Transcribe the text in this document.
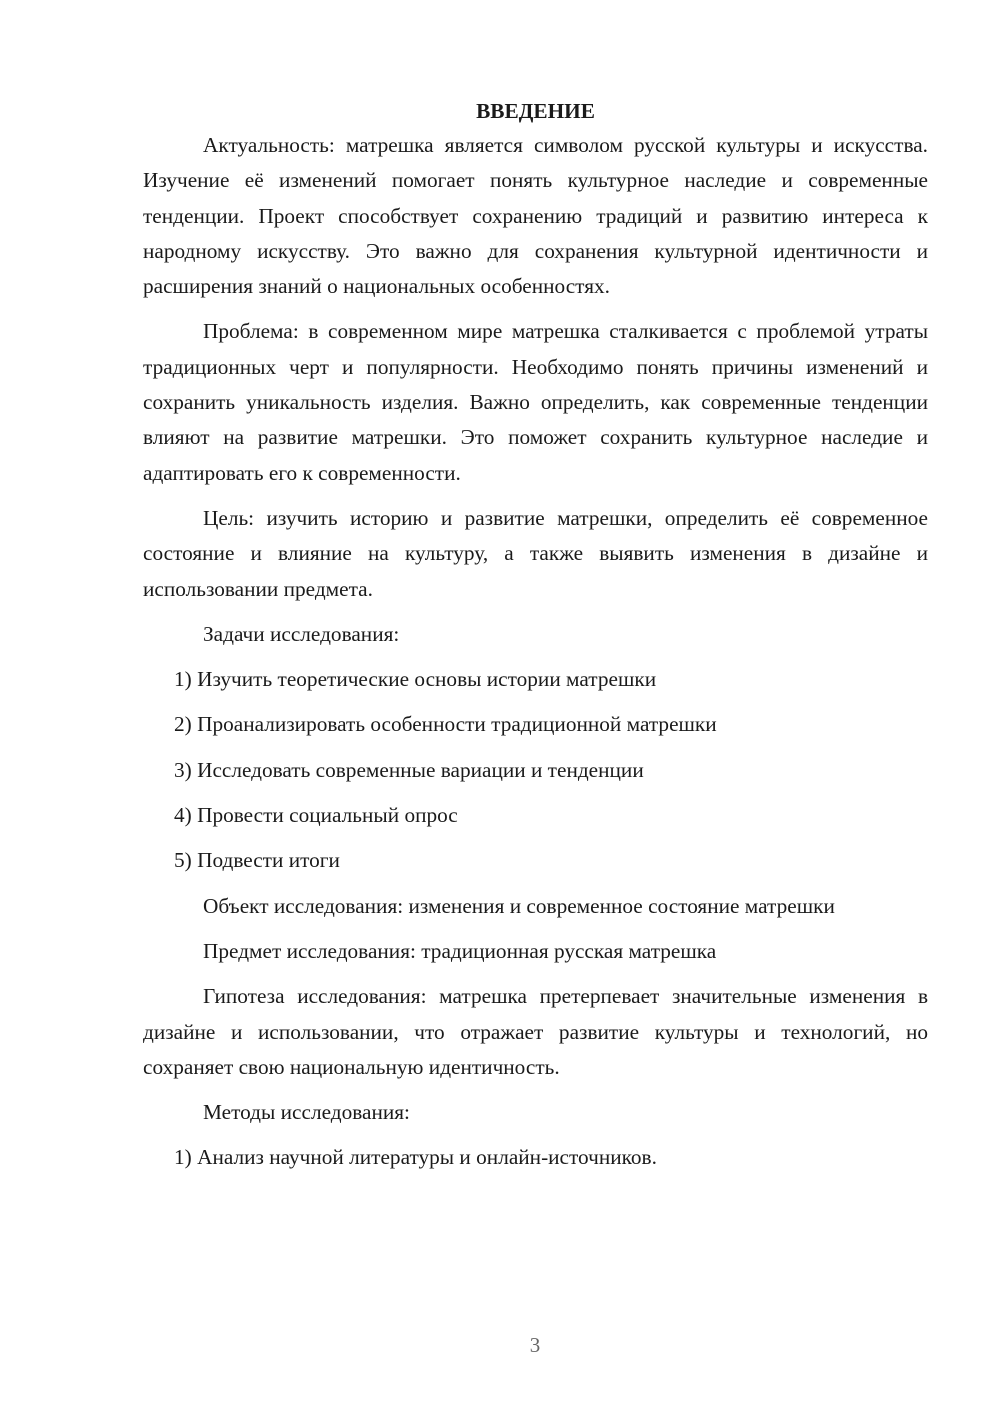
ВВЕДЕНИЕ

Актуальность: матрешка является символом русской культуры и искусства. Изучение её изменений помогает понять культурное наследие и современные тенденции. Проект способствует сохранению традиций и развитию интереса к народному искусству. Это важно для сохранения культурной идентичности и расширения знаний о национальных особенностях.

Проблема: в современном мире матрешка сталкивается с проблемой утраты традиционных черт и популярности. Необходимо понять причины изменений и сохранить уникальность изделия. Важно определить, как современные тенденции влияют на развитие матрешки. Это поможет сохранить культурное наследие и адаптировать его к современности.

Цель: изучить историю и развитие матрешки, определить её современное состояние и влияние на культуру, а также выявить изменения в дизайне и использовании предмета.

Задачи исследования:

1) Изучить теоретические основы истории матрешки
2) Проанализировать особенности традиционной матрешки
3) Исследовать современные вариации и тенденции
4) Провести социальный опрос
5) Подвести итоги

Объект исследования: изменения и современное состояние матрешки

Предмет исследования: традиционная русская матрешка

Гипотеза исследования: матрешка претерпевает значительные изменения в дизайне и использовании, что отражает развитие культуры и технологий, но сохраняет свою национальную идентичность.

Методы исследования:

1) Анализ научной литературы и онлайн-источников.
3
